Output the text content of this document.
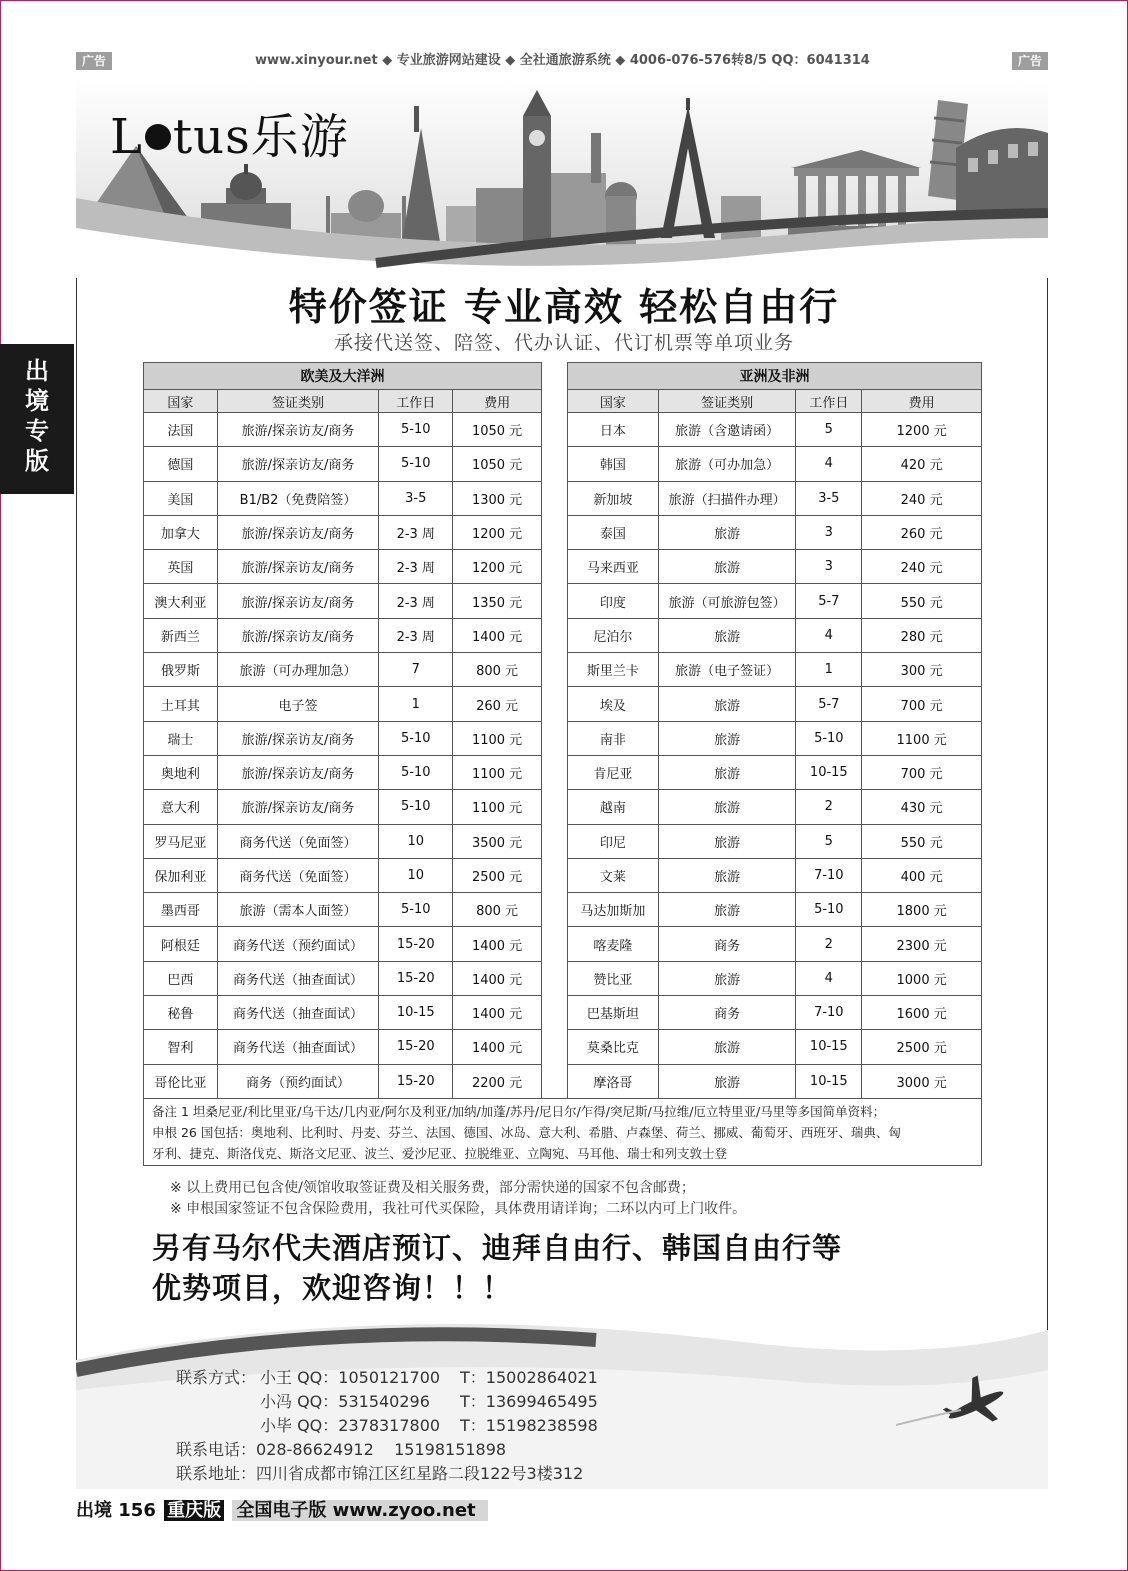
广告	www.xinyour.net ◆ 专业旅游网站建设 ◆ 全社通旅游系统 ◆ 4006-076-576转8/5 QQ：6041314	广告
出
境
专
版
L tus乐游
特价签证 专业高效 轻松自由行
承接代送签、陪签、代办认证、代订机票等单项业务
欧美及大洋洲			
国家	签证类别	工作日	费用
法国	旅游/探亲访友/商务	5-10	1050 元
德国	旅游/探亲访友/商务	5-10	1050 元
美国	B1/B2（免费陪签）	3-5	1300 元
加拿大	旅游/探亲访友/商务	2-3 周	1200 元
英国	旅游/探亲访友/商务	2-3 周	1200 元
澳大利亚	旅游/探亲访友/商务	2-3 周	1350 元
新西兰	旅游/探亲访友/商务	2-3 周	1400 元
俄罗斯	旅游（可办理加急）	7	800 元
土耳其	电子签	1	260 元
瑞士	旅游/探亲访友/商务	5-10	1100 元
奥地利	旅游/探亲访友/商务	5-10	1100 元
意大利	旅游/探亲访友/商务	5-10	1100 元
罗马尼亚	商务代送（免面签）	10	3500 元
保加利亚	商务代送（免面签）	10	2500 元
墨西哥	旅游（需本人面签）	5-10	800 元
阿根廷	商务代送（预约面试）	15-20	1400 元
巴西	商务代送（抽查面试）	15-20	1400 元
秘鲁	商务代送（抽查面试）	10-15	1400 元
智利	商务代送（抽查面试）	15-20	1400 元
哥伦比亚	商务（预约面试）	15-20	2200 元
亚洲及非洲			
国家	签证类别	工作日	费用
日本	旅游（含邀请函）	5	1200 元
韩国	旅游（可办加急）	4	420 元
新加坡	旅游（扫描件办理）	3-5	240 元
泰国	旅游	3	260 元
马来西亚	旅游	3	240 元
印度	旅游（可旅游包签）	5-7	550 元
尼泊尔	旅游	4	280 元
斯里兰卡	旅游（电子签证）	1	300 元
埃及	旅游	5-7	700 元
南非	旅游	5-10	1100 元
肯尼亚	旅游	10-15	700 元
越南	旅游	2	430 元
印尼	旅游	5	550 元
文莱	旅游	7-10	400 元
马达加斯加	旅游	5-10	1800 元
喀麦隆	商务	2	2300 元
赞比亚	旅游	4	1000 元
巴基斯坦	商务	7-10	1600 元
莫桑比克	旅游	10-15	2500 元
摩洛哥	旅游	10-15	3000 元
备注 1 坦桑尼亚/利比里亚/乌干达/几内亚/阿尔及利亚/加纳/加蓬/苏丹/尼日尔/乍得/突尼斯/马拉维/厄立特里亚/马里等多国简单资料；
申根 26 国包括：奥地利、比利时、丹麦、芬兰、法国、德国、冰岛、意大利、希腊、卢森堡、荷兰、挪威、葡萄牙、西班牙、瑞典、匈
牙利、捷克、斯洛伐克、斯洛文尼亚、波兰、爱沙尼亚、拉脱维亚、立陶宛、马耳他、瑞士和列支敦士登
※ 以上费用已包含使/领馆收取签证费及相关服务费，部分需快递的国家不包含邮费；
※ 申根国家签证不包含保险费用，我社可代买保险，具体费用请详询；二环以内可上门收件。
另有马尔代夫酒店预订、迪拜自由行、韩国自由行等
优势项目，欢迎咨询！！！
联系方式： 小王 QQ：1050121700 T：15002864021
小冯 QQ：531540296 T：13699465495
小毕 QQ：2378317800 T：15198238598
联系电话：028-86624912    15198151898
联系地址：四川省成都市锦江区红星路二段122号3楼312
出境 156 重庆版 全国电子版 www.zyoo.net
